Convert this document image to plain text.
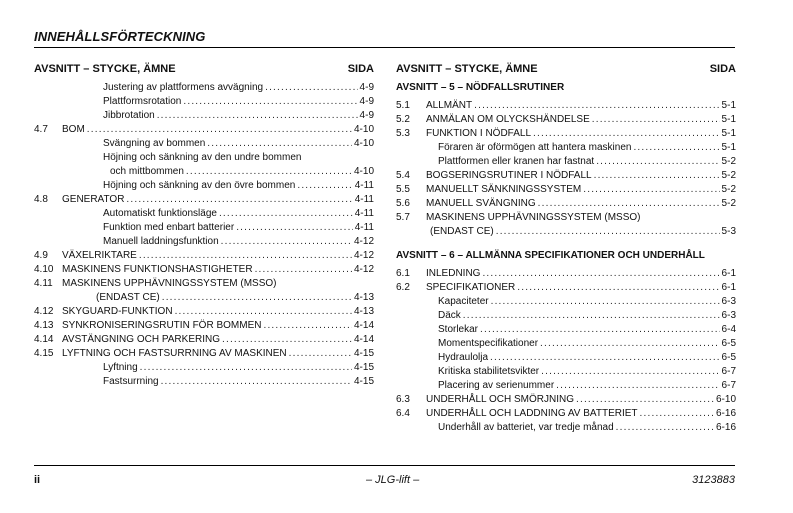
INNEHÅLLSFÖRTECKNING
AVSNITT – STYCKE, ÄMNE	SIDA
Justering av plattformens avvägning .....	4-9
Plattformsrotation .....	4-9
Jibbrotation .....	4-9
4.7	BOM .....	4-10
Svängning av bommen .....	4-10
Höjning och sänkning av den undre bommen
och mittbommen .....	4-10
Höjning och sänkning av den övre bommen .....	4-11
4.8	GENERATOR .....	4-11
Automatiskt funktionsläge .....	4-11
Funktion med enbart batterier .....	4-11
Manuell laddningsfunktion .....	4-12
4.9	VÄXELRIKTARE .....	4-12
4.10 MASKINENS FUNKTIONSHASTIGHETER .....	4-12
4.11 MASKINENS UPPHÄVNINGSSYSTEM (MSSO)
(ENDAST CE) .....	4-13
4.12 SKYGUARD-FUNKTION .....	4-13
4.13 SYNKRONISERINGSRUTIN FÖR BOMMEN .....	4-14
4.14 AVSTÄNGNING OCH PARKERING .....	4-14
4.15 LYFTNING OCH FASTSURRNING AV MASKINEN .....	4-15
Lyftning .....	4-15
Fastsurrning .....	4-15
AVSNITT – STYCKE, ÄMNE	SIDA
AVSNITT – 5 – NÖDFALLSRUTINER
5.1	ALLMÄNT .....	5-1
5.2	ANMÄLAN OM OLYCKSHÄNDELSE .....	5-1
5.3	FUNKTION I NÖDFALL .....	5-1
Föraren är oförmögen att hantera maskinen .....	5-1
Plattformen eller kranen har fastnat .....	5-2
5.4	BOGSERINGSRUTINER I NÖDFALL .....	5-2
5.5	MANUELLT SÄNKNINGSSYSTEM .....	5-2
5.6	MANUELL SVÄNGNING .....	5-2
5.7	MASKINENS UPPHÄVNINGSSYSTEM (MSSO)
(ENDAST CE) .....	5-3
AVSNITT – 6 – ALLMÄNNA SPECIFIKATIONER OCH UNDERHÅLL
6.1	INLEDNING .....	6-1
6.2	SPECIFIKATIONER .....	6-1
Kapaciteter .....	6-3
Däck .....	6-3
Storlekar .....	6-4
Momentspecifikationer .....	6-5
Hydraulolja .....	6-5
Kritiska stabilitetsvikter .....	6-7
Placering av serienummer .....	6-7
6.3	UNDERHÅLL OCH SMÖRJNING .....	6-10
6.4	UNDERHÅLL OCH LADDNING AV BATTERIET .....	6-16
Underhåll av batteriet, var tredje månad .....	6-16
ii	– JLG-lift –	3123883
